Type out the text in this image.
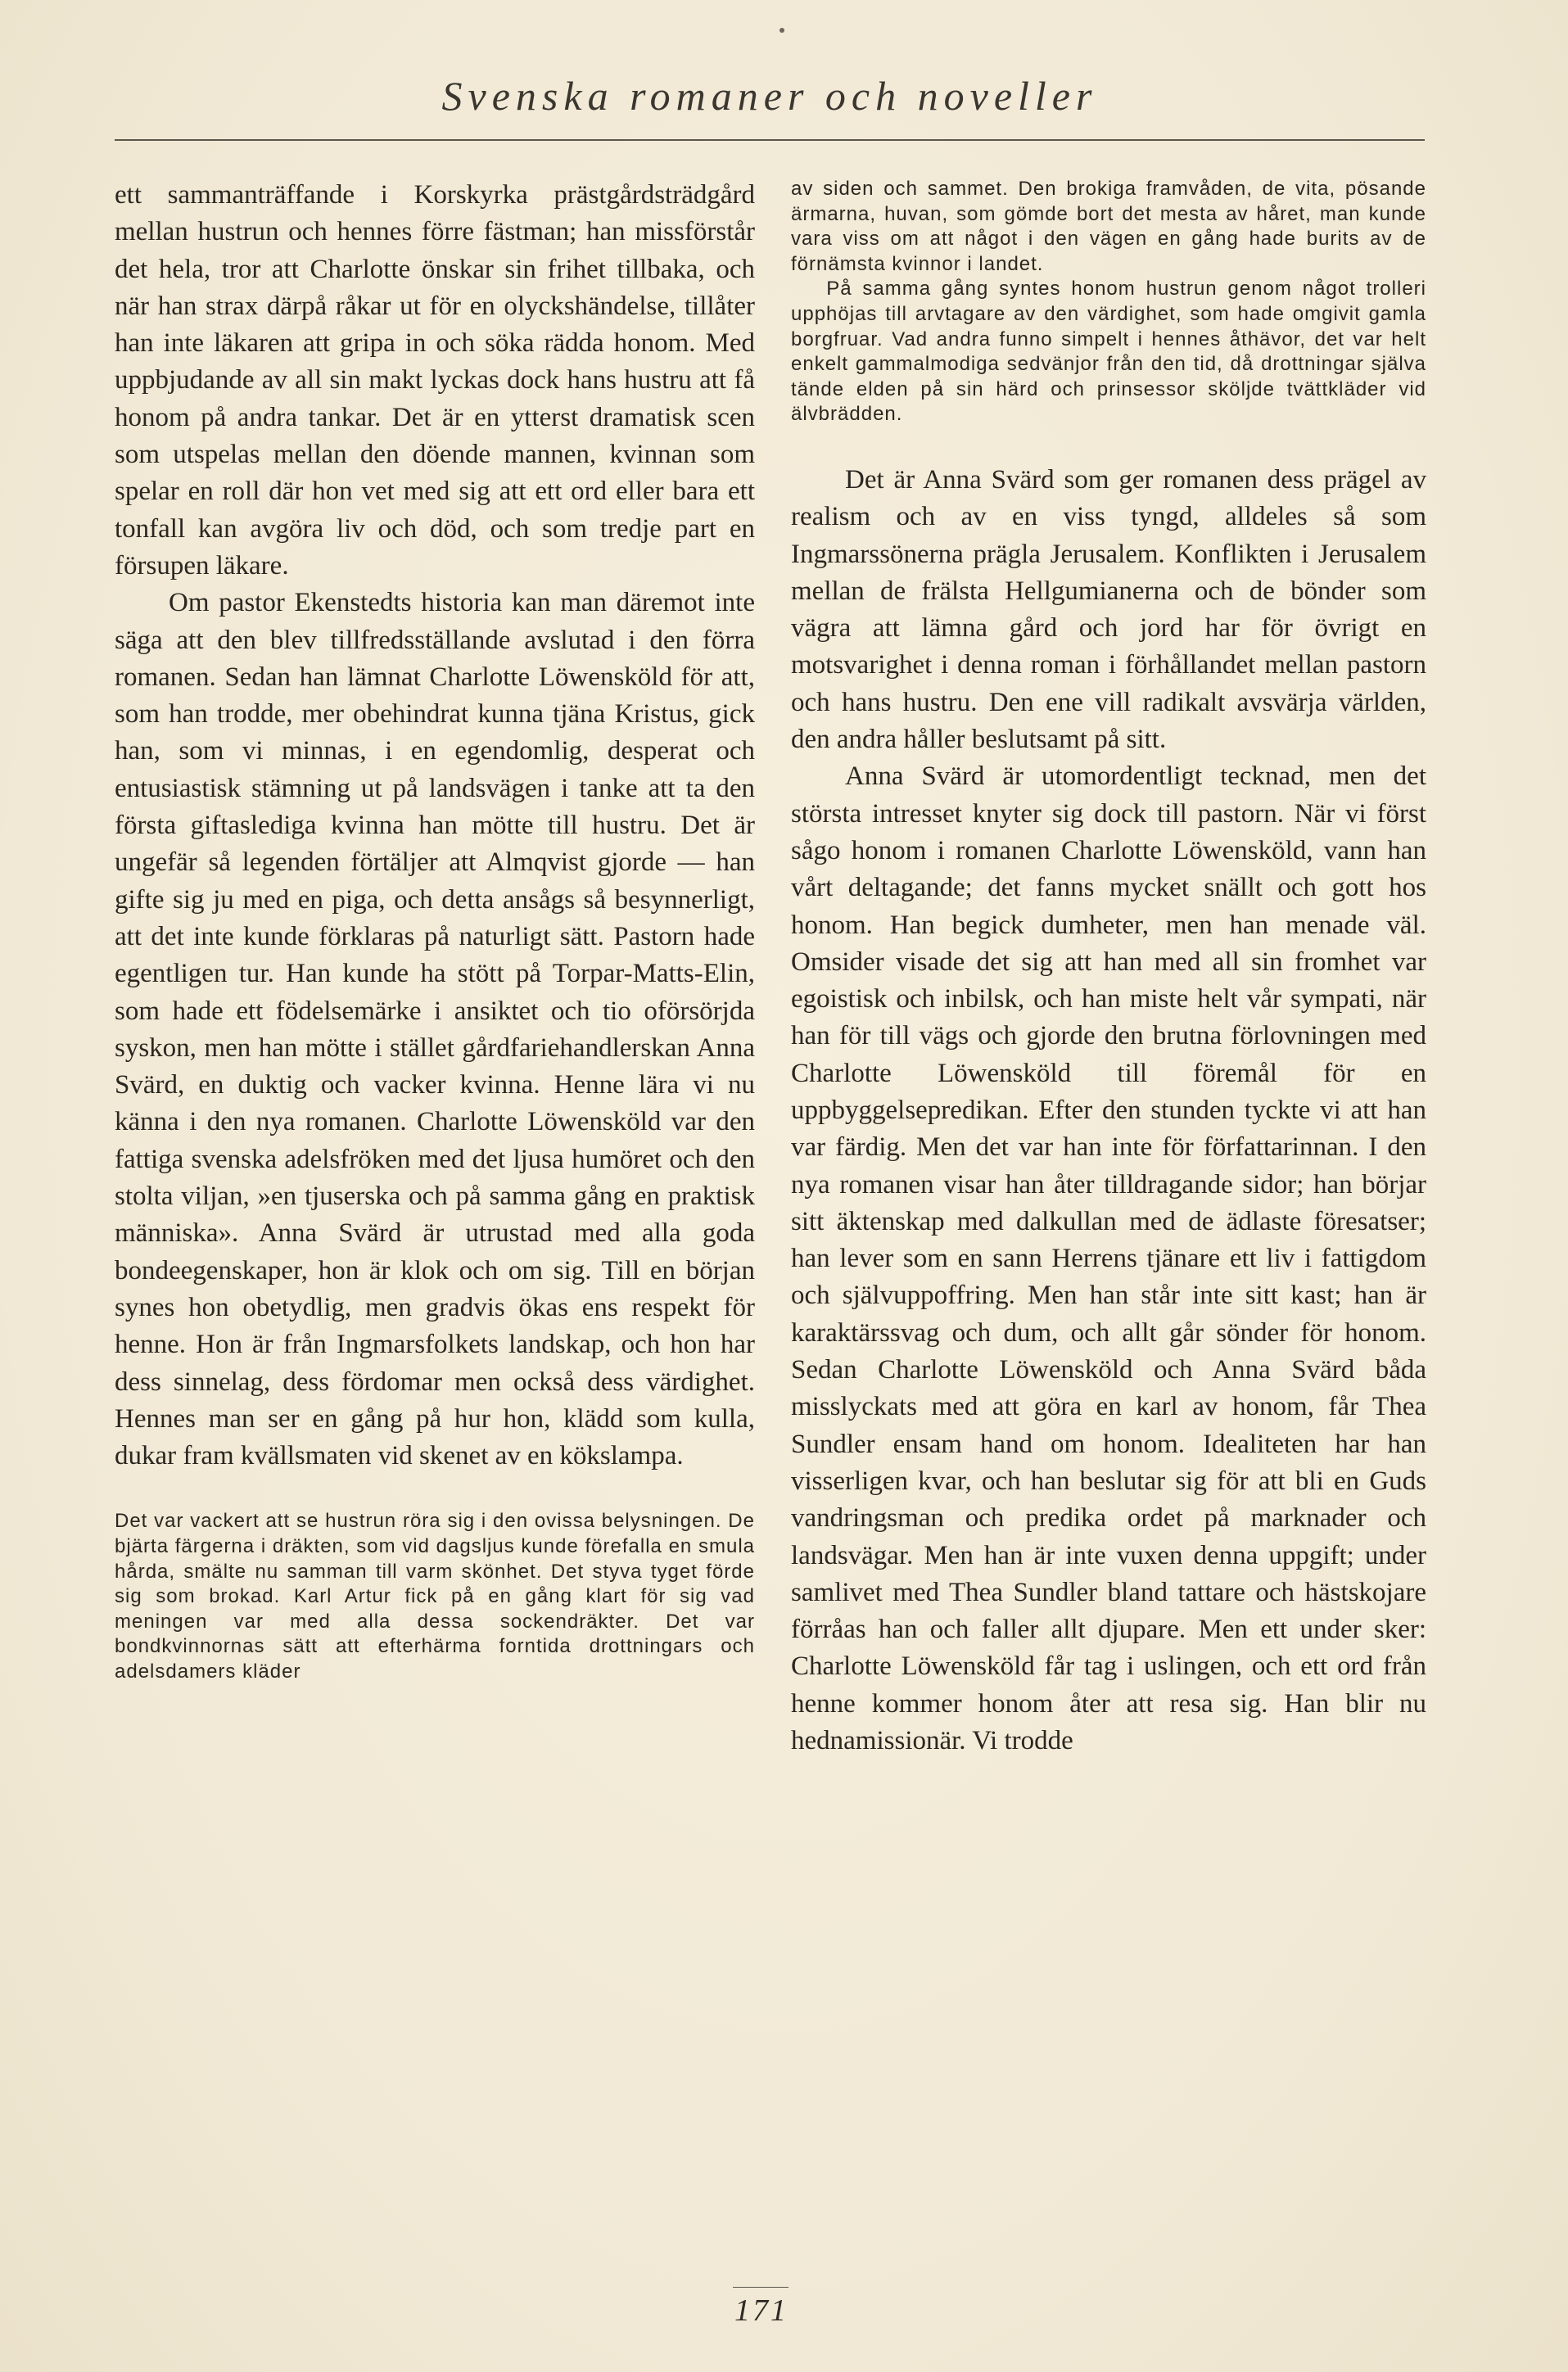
Svenska romaner och noveller

ett sammanträffande i Korskyrka prästgårdsträdgård mellan hustrun och hennes förre fästman; han missförstår det hela, tror att Charlotte önskar sin frihet tillbaka, och när han strax därpå råkar ut för en olyckshändelse, tillåter han inte läkaren att gripa in och söka rädda honom. Med uppbjudande av all sin makt lyckas dock hans hustru att få honom på andra tankar. Det är en ytterst dramatisk scen som utspelas mellan den döende mannen, kvinnan som spelar en roll där hon vet med sig att ett ord eller bara ett tonfall kan avgöra liv och död, och som tredje part en försupen läkare.

Om pastor Ekenstedts historia kan man däremot inte säga att den blev tillfredsställande avslutad i den förra romanen. Sedan han lämnat Charlotte Löwensköld för att, som han trodde, mer obehindrat kunna tjäna Kristus, gick han, som vi minnas, i en egendomlig, desperat och entusiastisk stämning ut på landsvägen i tanke att ta den första giftaslediga kvinna han mötte till hustru. Det är ungefär så legenden förtäljer att Almqvist gjorde — han gifte sig ju med en piga, och detta ansågs så besynnerligt, att det inte kunde förklaras på naturligt sätt. Pastorn hade egentligen tur. Han kunde ha stött på Torpar-Matts-Elin, som hade ett födelsemärke i ansiktet och tio oförsörjda syskon, men han mötte i stället gårdfariehandlerskan Anna Svärd, en duktig och vacker kvinna. Henne lära vi nu känna i den nya romanen. Charlotte Löwensköld var den fattiga svenska adelsfröken med det ljusa humöret och den stolta viljan, »en tjuserska och på samma gång en praktisk människa». Anna Svärd är utrustad med alla goda bondeegenskaper, hon är klok och om sig. Till en början synes hon obetydlig, men gradvis ökas ens respekt för henne. Hon är från Ingmarsfolkets landskap, och hon har dess sinnelag, dess fördomar men också dess värdighet. Hennes man ser en gång på hur hon, klädd som kulla, dukar fram kvällsmaten vid skenet av en kökslampa.

Det var vackert att se hustrun röra sig i den ovissa belysningen. De bjärta färgerna i dräkten, som vid dagsljus kunde förefalla en smula hårda, smälte nu samman till varm skönhet. Det styva tyget förde sig som brokad. Karl Artur fick på en gång klart för sig vad meningen var med alla dessa sockendräkter. Det var bondkvinnornas sätt att efterhärma forntida drottningars och adelsdamers kläder

av siden och sammet. Den brokiga framvåden, de vita, pösande ärmarna, huvan, som gömde bort det mesta av håret, man kunde vara viss om att något i den vägen en gång hade burits av de förnämsta kvinnor i landet.

På samma gång syntes honom hustrun genom något trolleri upphöjas till arvtagare av den värdighet, som hade omgivit gamla borgfruar. Vad andra funno simpelt i hennes åthävor, det var helt enkelt gammalmodiga sedvänjor från den tid, då drottningar själva tände elden på sin härd och prinsessor sköljde tvättkläder vid älvbrädden.

Det är Anna Svärd som ger romanen dess prägel av realism och av en viss tyngd, alldeles så som Ingmarssönerna prägla Jerusalem. Konflikten i Jerusalem mellan de frälsta Hellgumianerna och de bönder som vägra att lämna gård och jord har för övrigt en motsvarighet i denna roman i förhållandet mellan pastorn och hans hustru. Den ene vill radikalt avsvärja världen, den andra håller beslutsamt på sitt.

Anna Svärd är utomordentligt tecknad, men det största intresset knyter sig dock till pastorn. När vi först sågo honom i romanen Charlotte Löwensköld, vann han vårt deltagande; det fanns mycket snällt och gott hos honom. Han begick dumheter, men han menade väl. Omsider visade det sig att han med all sin fromhet var egoistisk och inbilsk, och han miste helt vår sympati, när han för till vägs och gjorde den brutna förlovningen med Charlotte Löwensköld till föremål för en uppbyggelsepredikan. Efter den stunden tyckte vi att han var färdig. Men det var han inte för författarinnan. I den nya romanen visar han åter tilldragande sidor; han börjar sitt äktenskap med dalkullan med de ädlaste föresatser; han lever som en sann Herrens tjänare ett liv i fattigdom och självuppoffring. Men han står inte sitt kast; han är karaktärssvag och dum, och allt går sönder för honom. Sedan Charlotte Löwensköld och Anna Svärd båda misslyckats med att göra en karl av honom, får Thea Sundler ensam hand om honom. Idealiteten har han visserligen kvar, och han beslutar sig för att bli en Guds vandringsman och predika ordet på marknader och landsvägar. Men han är inte vuxen denna uppgift; under samlivet med Thea Sundler bland tattare och hästskojare förråas han och faller allt djupare. Men ett under sker: Charlotte Löwensköld får tag i uslingen, och ett ord från henne kommer honom åter att resa sig. Han blir nu hednamissionär. Vi trodde

171
